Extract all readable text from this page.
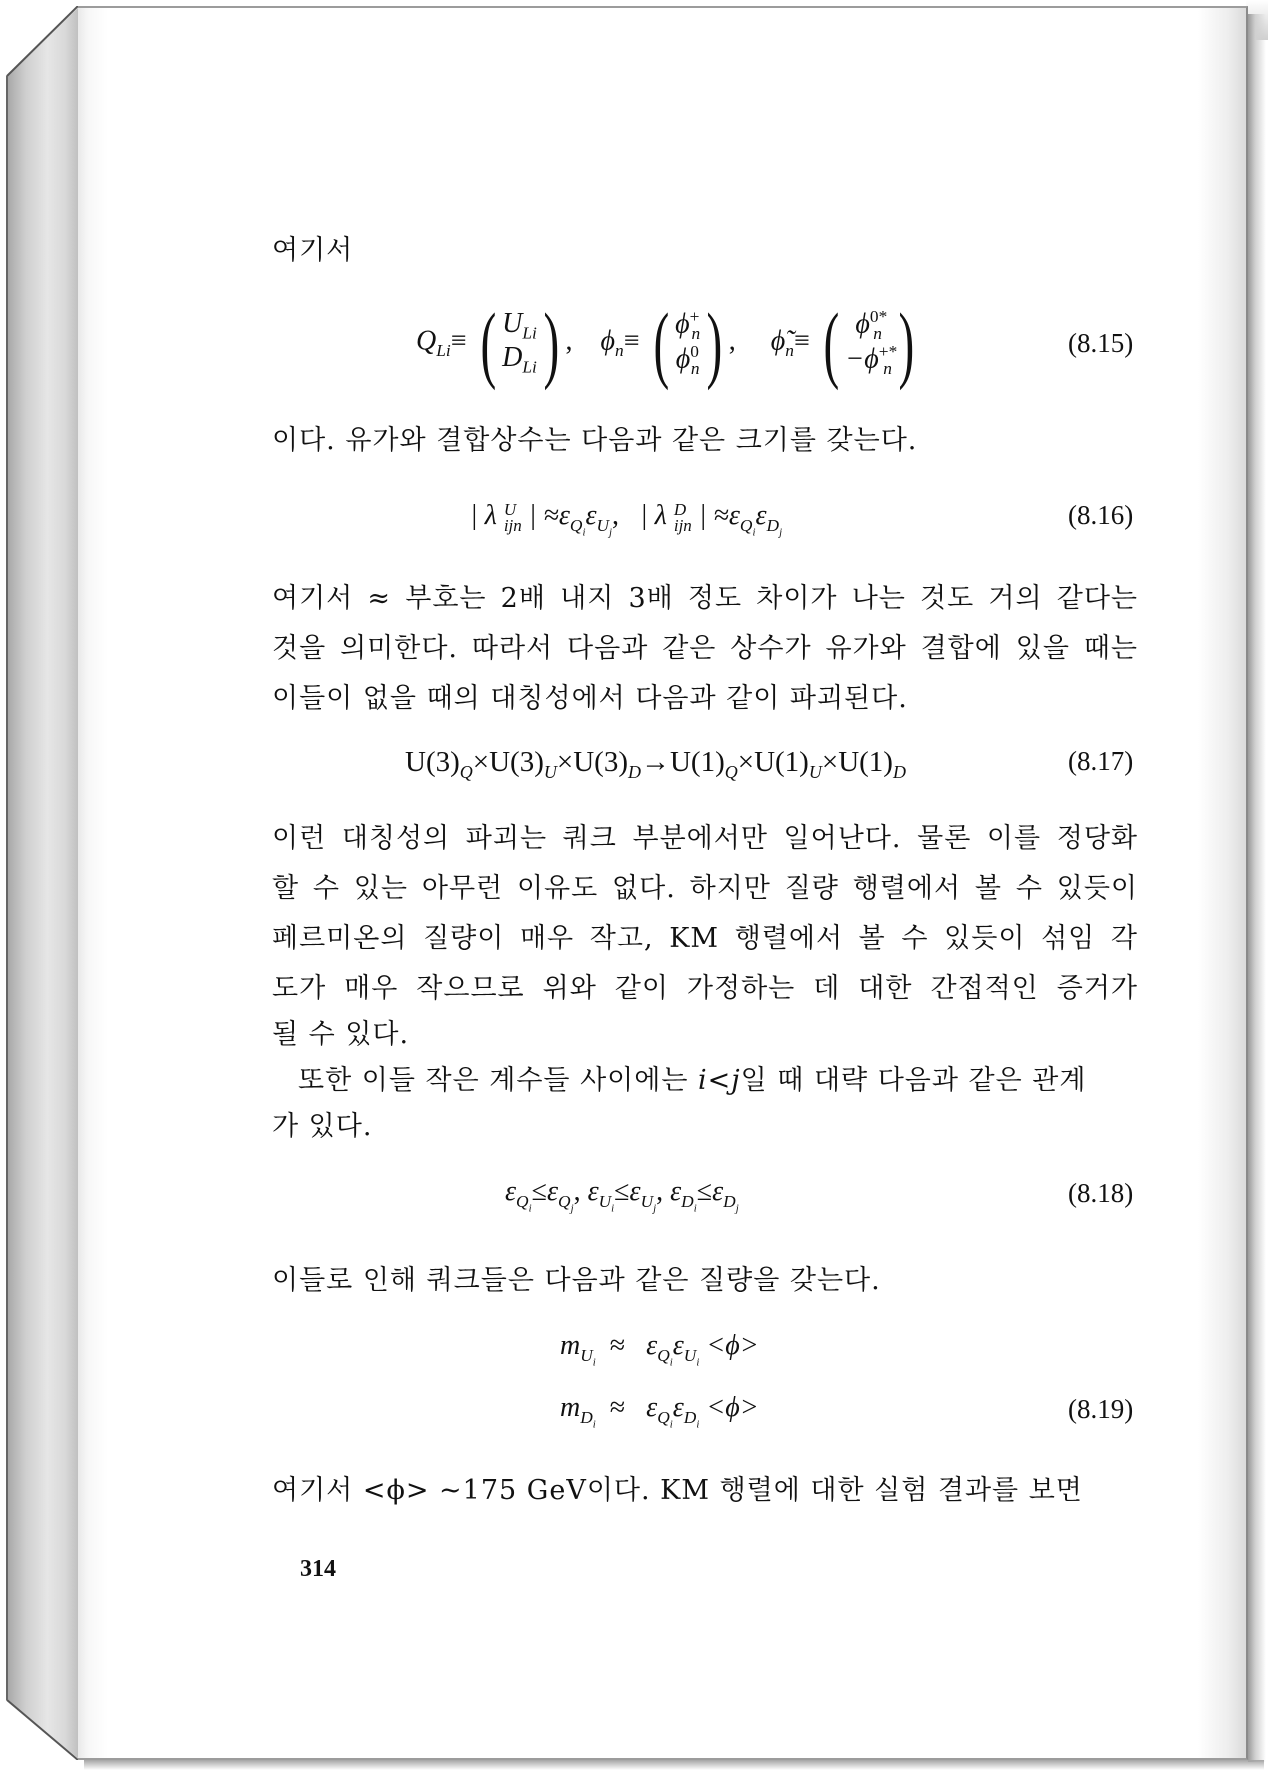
여기서
$Q_{Li}\equiv$ ( $U_{Li}$
$D_{Li}$ ) , $\phi_n\equiv$ ( $\phi^+_n$
$\phi^0_n$ ) , $\phĩ_n\equiv$ ( $\phi^{0*}_n$
$-\phi^{+*}_n$ )	(8.15)
이다. 유가와 결합상수는 다음과 같은 크기를 갖는다.
| λ U
ijn | $\approx\varepsilon_{Q_i}\varepsilon_{U_j}$, | λ D
ijn | $\approx\varepsilon_{Q_i}\varepsilon_{D_j}$
(8.16)
여기서 ≈ 부호는 2배 내지 3배 정도 차이가 나는 것도 거의 같다는
것을 의미한다. 따라서 다음과 같은 상수가 유가와 결합에 있을 때는
이들이 없을 때의 대칭성에서 다음과 같이 파괴된다.
$U(3)_Q\times U(3)_U\times U(3)_D\to U(1)_Q\times U(1)_U\times U(1)_D$	(8.17)
이런 대칭성의 파괴는 쿼크 부분에서만 일어난다. 물론 이를 정당화
할 수 있는 아무런 이유도 없다. 하지만 질량 행렬에서 볼 수 있듯이
페르미온의 질량이 매우 작고, KM 행렬에서 볼 수 있듯이 섞임 각
도가 매우 작으므로 위와 같이 가정하는 데 대한 간접적인 증거가
될 수 있다.
또한 이들 작은 계수들 사이에는 i<j일 때 대략 다음과 같은 관계
가 있다.
$\varepsilon_{Q_i}\le\varepsilon_{Q_j}$, $\varepsilon_{U_i}\le\varepsilon_{U_j}$, $\varepsilon_{D_i}\le\varepsilon_{D_j}$
(8.18)
이들로 인해 쿼크들은 다음과 같은 질량을 갖는다.
$m_{U_i} \approx \varepsilon_{Q_i}\varepsilon_{U_i} <\phi>$
$m_{D_i} \approx \varepsilon_{Q_i}\varepsilon_{D_i} <\phi>$	(8.19)
여기서 <ϕ> ~175 GeV이다. KM 행렬에 대한 실험 결과를 보면
314
